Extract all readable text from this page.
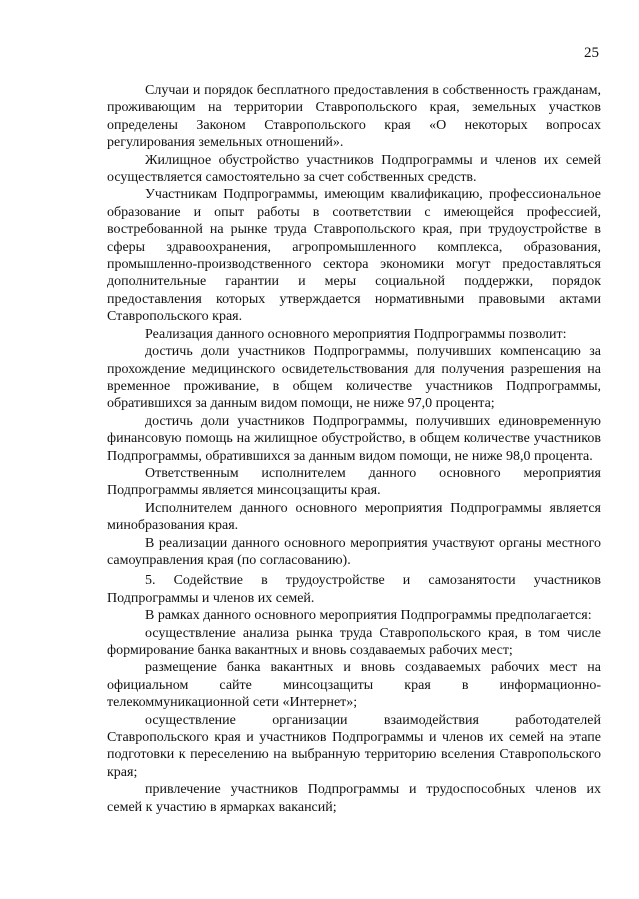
25

Случаи и порядок бесплатного предоставления в собственность гражданам, проживающим на территории Ставропольского края, земельных участков определены Законом Ставропольского края «О некоторых вопросах регулирования земельных отношений».

Жилищное обустройство участников Подпрограммы и членов их семей осуществляется самостоятельно за счет собственных средств.

Участникам Подпрограммы, имеющим квалификацию, профессиональное образование и опыт работы в соответствии с имеющейся профессией, востребованной на рынке труда Ставропольского края, при трудоустройстве в сферы здравоохранения, агропромышленного комплекса, образования, промышленно-производственного сектора экономики могут предоставляться дополнительные гарантии и меры социальной поддержки, порядок предоставления которых утверждается нормативными правовыми актами Ставропольского края.

Реализация данного основного мероприятия Подпрограммы позволит:

достичь доли участников Подпрограммы, получивших компенсацию за прохождение медицинского освидетельствования для получения разрешения на временное проживание, в общем количестве участников Подпрограммы, обратившихся за данным видом помощи, не ниже 97,0 процента;

достичь доли участников Подпрограммы, получивших единовременную финансовую помощь на жилищное обустройство, в общем количестве участников Подпрограммы, обратившихся за данным видом помощи, не ниже 98,0 процента.

Ответственным исполнителем данного основного мероприятия Подпрограммы является минсоцзащиты края.

Исполнителем данного основного мероприятия Подпрограммы является минобразования края.

В реализации данного основного мероприятия участвуют органы местного самоуправления края (по согласованию).

5. Содействие в трудоустройстве и самозанятости участников Подпрограммы и членов их семей.

В рамках данного основного мероприятия Подпрограммы предполагается:

осуществление анализа рынка труда Ставропольского края, в том числе формирование банка вакантных и вновь создаваемых рабочих мест;

размещение банка вакантных и вновь создаваемых рабочих мест на официальном сайте минсоцзащиты края в информационно-телекоммуникационной сети «Интернет»;

осуществление организации взаимодействия работодателей Ставропольского края и участников Подпрограммы и членов их семей на этапе подготовки к переселению на выбранную территорию вселения Ставропольского края;

привлечение участников Подпрограммы и трудоспособных членов их семей к участию в ярмарках вакансий;
